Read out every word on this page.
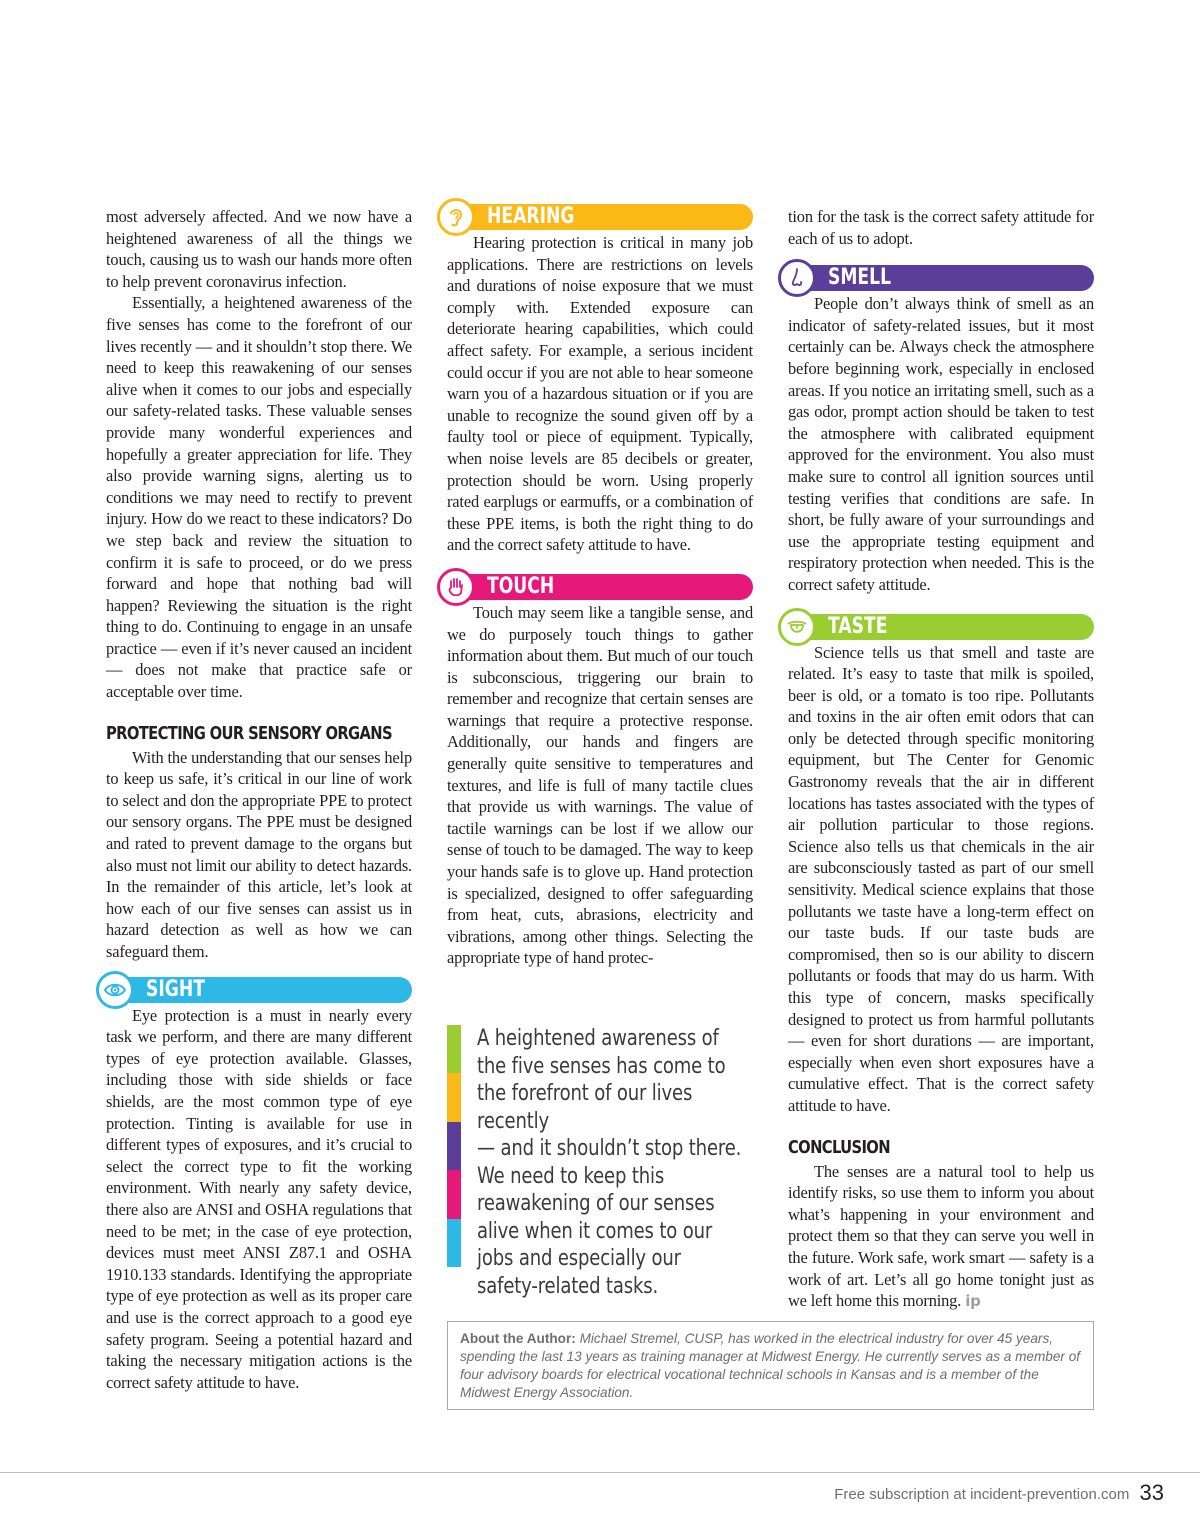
most adversely affected. And we now have a heightened awareness of all the things we touch, causing us to wash our hands more often to help prevent coronavirus infection.

Essentially, a heightened awareness of the five senses has come to the forefront of our lives recently — and it shouldn’t stop there. We need to keep this reawakening of our senses alive when it comes to our jobs and especially our safety-related tasks. These valuable senses provide many wonderful experiences and hopefully a greater appreciation for life. They also provide warning signs, alerting us to conditions we may need to rectify to prevent injury. How do we react to these indicators? Do we step back and review the situation to confirm it is safe to proceed, or do we press forward and hope that nothing bad will happen? Reviewing the situation is the right thing to do. Continuing to engage in an unsafe practice — even if it’s never caused an incident — does not make that practice safe or acceptable over time.

PROTECTING OUR SENSORY ORGANS

With the understanding that our senses help to keep us safe, it’s critical in our line of work to select and don the appropriate PPE to protect our sensory organs. The PPE must be designed and rated to prevent damage to the organs but also must not limit our ability to detect hazards. In the remainder of this article, let’s look at how each of our five senses can assist us in hazard detection as well as how we can safeguard them.

SIGHT

Eye protection is a must in nearly every task we perform, and there are many different types of eye protection available. Glasses, including those with side shields or face shields, are the most common type of eye protection. Tinting is available for use in different types of exposures, and it’s crucial to select the correct type to fit the working environment. With nearly any safety device, there also are ANSI and OSHA regulations that need to be met; in the case of eye protection, devices must meet ANSI Z87.1 and OSHA 1910.133 standards. Identifying the appropriate type of eye protection as well as its proper care and use is the correct approach to a good eye safety program. Seeing a potential hazard and taking the necessary mitigation actions is the correct safety attitude to have.

HEARING

Hearing protection is critical in many job applications. There are restrictions on levels and durations of noise exposure that we must comply with. Extended exposure can deteriorate hearing capabilities, which could affect safety. For example, a serious incident could occur if you are not able to hear someone warn you of a hazardous situation or if you are unable to recognize the sound given off by a faulty tool or piece of equipment. Typically, when noise levels are 85 decibels or greater, protection should be worn. Using properly rated earplugs or earmuffs, or a combination of these PPE items, is both the right thing to do and the correct safety attitude to have.

TOUCH

Touch may seem like a tangible sense, and we do purposely touch things to gather information about them. But much of our touch is subconscious, triggering our brain to remember and recognize that certain senses are warnings that require a protective response. Additionally, our hands and fingers are generally quite sensitive to temperatures and textures, and life is full of many tactile clues that provide us with warnings. The value of tactile warnings can be lost if we allow our sense of touch to be damaged. The way to keep your hands safe is to glove up. Hand protection is specialized, designed to offer safeguarding from heat, cuts, abrasions, electricity and vibrations, among other things. Selecting the appropriate type of hand protec-

A heightened awareness of
the five senses has come to
the forefront of our lives recently
— and it shouldn’t stop there.
We need to keep this
reawakening of our senses
alive when it comes to our
jobs and especially our
safety-related tasks.

tion for the task is the correct safety attitude for each of us to adopt.

SMELL

People don’t always think of smell as an indicator of safety-related issues, but it most certainly can be. Always check the atmosphere before beginning work, especially in enclosed areas. If you notice an irritating smell, such as a gas odor, prompt action should be taken to test the atmosphere with calibrated equipment approved for the environment. You also must make sure to control all ignition sources until testing verifies that conditions are safe. In short, be fully aware of your surroundings and use the appropriate testing equipment and respiratory protection when needed. This is the correct safety attitude.

TASTE

Science tells us that smell and taste are related. It’s easy to taste that milk is spoiled, beer is old, or a tomato is too ripe. Pollutants and toxins in the air often emit odors that can only be detected through specific monitoring equipment, but The Center for Genomic Gastronomy reveals that the air in different locations has tastes associated with the types of air pollution particular to those regions. Science also tells us that chemicals in the air are subconsciously tasted as part of our smell sensitivity. Medical science explains that those pollutants we taste have a long-term effect on our taste buds. If our taste buds are compromised, then so is our ability to discern pollutants or foods that may do us harm. With this type of concern, masks specifically designed to protect us from harmful pollutants — even for short durations — are important, especially when even short exposures have a cumulative effect. That is the correct safety attitude to have.

CONCLUSION

The senses are a natural tool to help us identify risks, so use them to inform you about what’s happening in your environment and protect them so that they can serve you well in the future. Work safe, work smart — safety is a work of art. Let’s all go home tonight just as we left home this morning. ip

About the Author: Michael Stremel, CUSP, has worked in the electrical industry for over 45 years, spending the last 13 years as training manager at Midwest Energy. He currently serves as a member of four advisory boards for electrical vocational technical schools in Kansas and is a member of the Midwest Energy Association.
Free subscription at incident-prevention.com 33
